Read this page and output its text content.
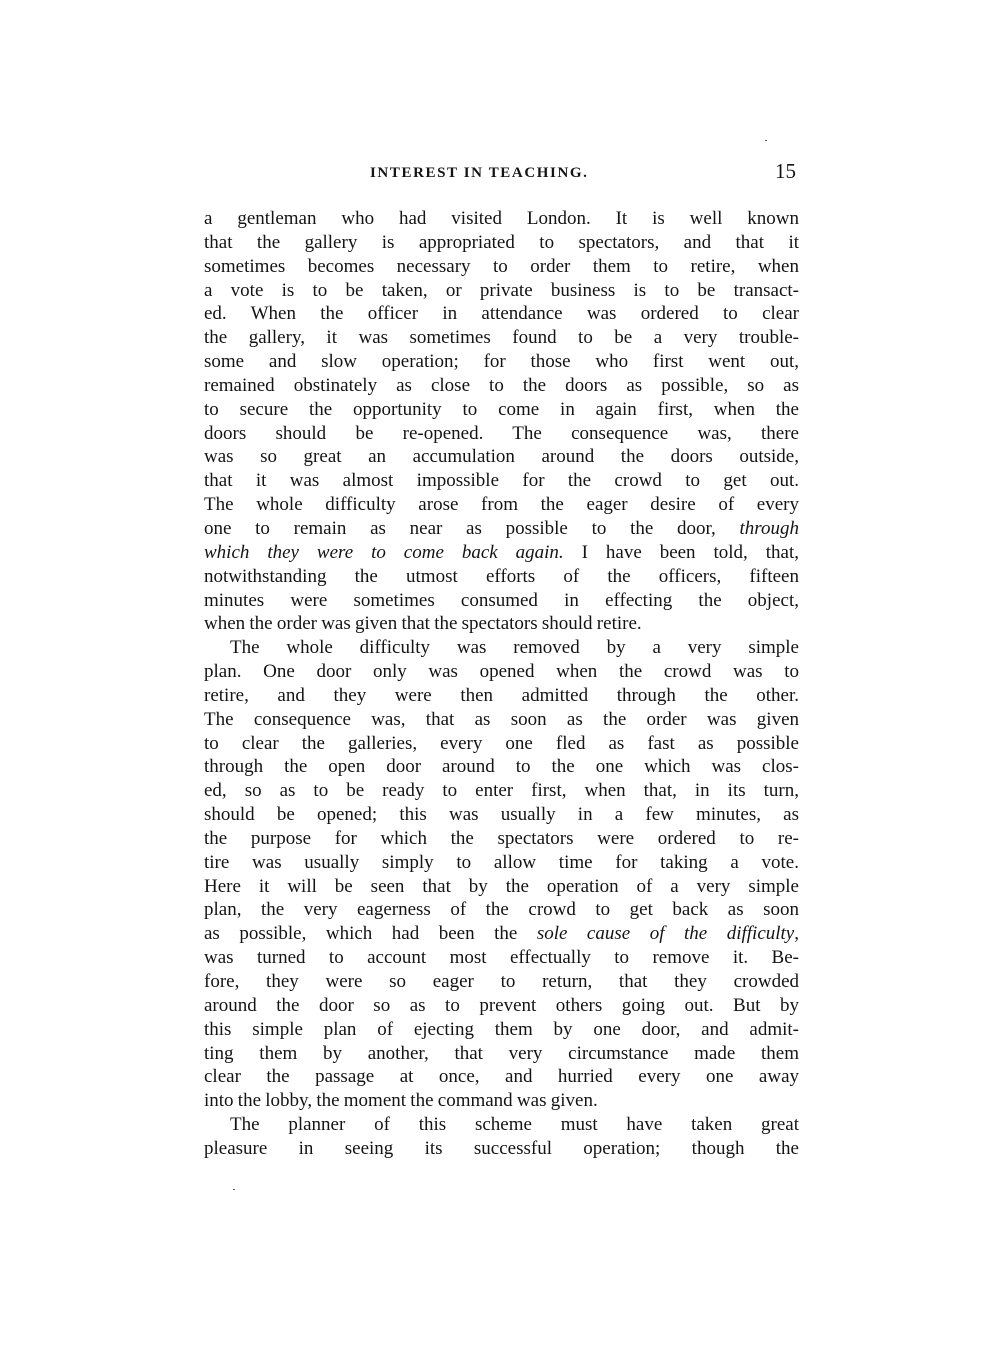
INTEREST IN TEACHING.	15
a gentleman who had visited London. It is well known
that the gallery is appropriated to spectators, and that it
sometimes becomes necessary to order them to retire, when
a vote is to be taken, or private business is to be transact-
ed. When the officer in attendance was ordered to clear
the gallery, it was sometimes found to be a very trouble-
some and slow operation; for those who first went out,
remained obstinately as close to the doors as possible, so as
to secure the opportunity to come in again first, when the
doors should be re-opened. The consequence was, there
was so great an accumulation around the doors outside,
that it was almost impossible for the crowd to get out.
The whole difficulty arose from the eager desire of every
one to remain as near as possible to the door, through
which they were to come back again. I have been told, that,
notwithstanding the utmost efforts of the officers, fifteen
minutes were sometimes consumed in effecting the object,
when the order was given that the spectators should retire.
The whole difficulty was removed by a very simple
plan. One door only was opened when the crowd was to
retire, and they were then admitted through the other.
The consequence was, that as soon as the order was given
to clear the galleries, every one fled as fast as possible
through the open door around to the one which was clos-
ed, so as to be ready to enter first, when that, in its turn,
should be opened; this was usually in a few minutes, as
the purpose for which the spectators were ordered to re-
tire was usually simply to allow time for taking a vote.
Here it will be seen that by the operation of a very simple
plan, the very eagerness of the crowd to get back as soon
as possible, which had been the sole cause of the difficulty,
was turned to account most effectually to remove it. Be-
fore, they were so eager to return, that they crowded
around the door so as to prevent others going out. But by
this simple plan of ejecting them by one door, and admit-
ting them by another, that very circumstance made them
clear the passage at once, and hurried every one away
into the lobby, the moment the command was given.
The planner of this scheme must have taken great
pleasure in seeing its successful operation; though the
